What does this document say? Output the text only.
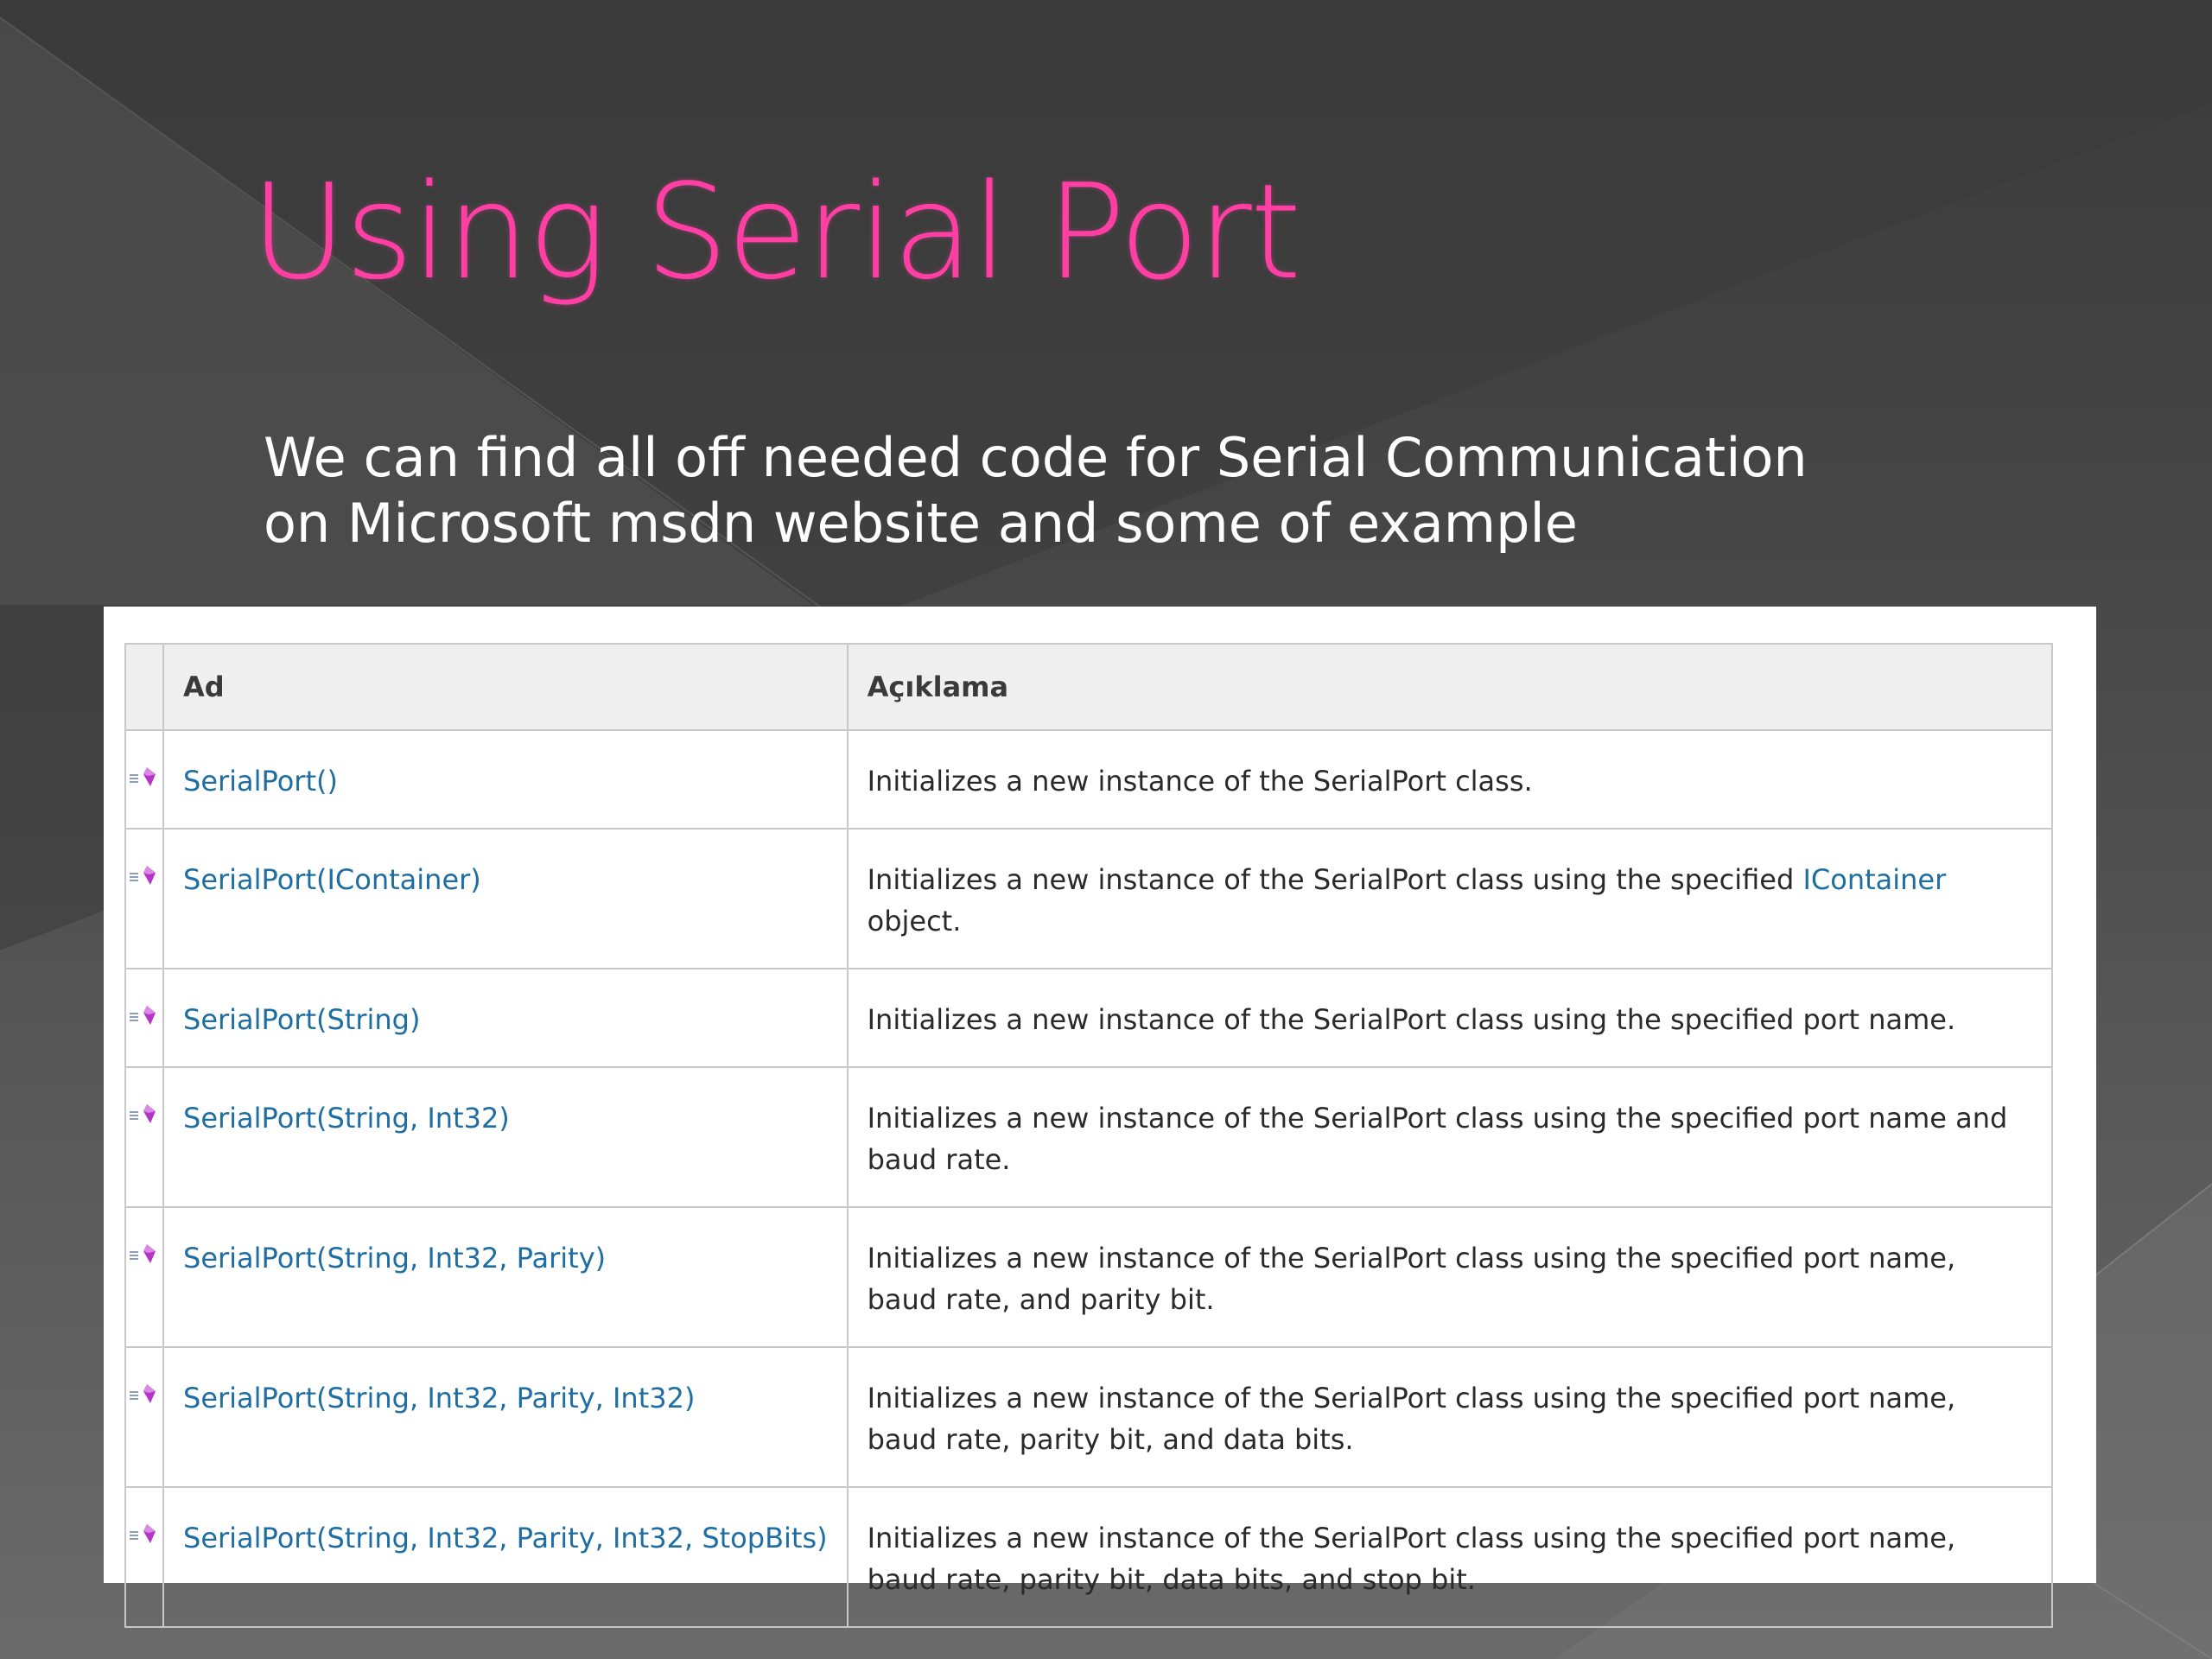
Using Serial Port
We can find all off needed code for Serial Communication
on Microsoft msdn website and some of example
	Ad	Açıklama
	SerialPort()	Initializes a new instance of the SerialPort class.
	SerialPort(IContainer)	Initializes a new instance of the SerialPort class using the specified IContainer object.
	SerialPort(String)	Initializes a new instance of the SerialPort class using the specified port name.
	SerialPort(String, Int32)	Initializes a new instance of the SerialPort class using the specified port name and baud rate.
	SerialPort(String, Int32, Parity)	Initializes a new instance of the SerialPort class using the specified port name, baud rate, and parity bit.
	SerialPort(String, Int32, Parity, Int32)	Initializes a new instance of the SerialPort class using the specified port name, baud rate, parity bit, and data bits.
	SerialPort(String, Int32, Parity, Int32, StopBits)	Initializes a new instance of the SerialPort class using the specified port name, baud rate, parity bit, data bits, and stop bit.
